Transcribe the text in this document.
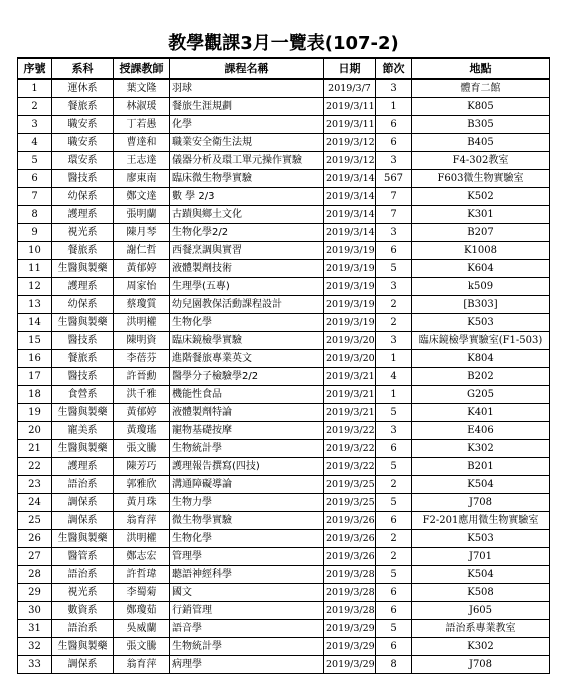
教學觀課3月一覽表(107-2)
序號	系科	授課教師	課程名稱	日期	節次	地點
1	運休系	葉文隆	羽球	2019/3/7	3	體育二館
2	餐旅系	林淑瑗	餐旅生涯規劃	2019/3/11	1	K805
3	職安系	丁若愚	化學	2019/3/11	6	B305
4	職安系	曹達和	職業安全衛生法規	2019/3/12	6	B405
5	環安系	王志達	儀器分析及環工單元操作實驗	2019/3/12	3	F4-302教室
6	醫技系	廖東南	臨床微生物學實驗	2019/3/14	567	F603微生物實驗室
7	幼保系	鄭文達	數 學 2/3	2019/3/14	7	K502
8	護理系	張明蘭	古蹟與鄉土文化	2019/3/14	7	K301
9	視光系	陳月琴	生物化學2/2	2019/3/14	3	B207
10	餐旅系	謝仁哲	西餐烹調與實習	2019/3/19	6	K1008
11	生醫與製藥	黃郁婷	液體製劑技術	2019/3/19	5	K604
12	護理系	周家怡	生理學(五專)	2019/3/19	3	k509
13	幼保系	蔡瓊質	幼兒園教保活動課程設計	2019/3/19	2	[B303]
14	生醫與製藥	洪明權	生物化學	2019/3/19	2	K503
15	醫技系	陳明資	臨床鏡檢學實驗	2019/3/20	3	臨床鏡檢學實驗室(F1-503)
16	餐旅系	李蓓芬	進階餐旅專業英文	2019/3/20	1	K804
17	醫技系	許晉勳	醫學分子檢驗學2/2	2019/3/21	4	B202
18	食營系	洪千雅	機能性食品	2019/3/21	1	G205
19	生醫與製藥	黃郁婷	液體製劑特論	2019/3/21	5	K401
20	寵美系	黃瓊瑤	寵物基礎按摩	2019/3/22	3	E406
21	生醫與製藥	張文騰	生物統計學	2019/3/22	6	K302
22	護理系	陳芳巧	護理報告撰寫(四技)	2019/3/22	5	B201
23	語治系	郭雅欣	溝通障礙導論	2019/3/25	2	K504
24	調保系	黃月珠	生物力學	2019/3/25	5	J708
25	調保系	翁育萍	微生物學實驗	2019/3/26	6	F2-201應用微生物實驗室
26	生醫與製藥	洪明權	生物化學	2019/3/26	2	K503
27	醫管系	鄭志宏	管理學	2019/3/26	2	J701
28	語治系	許哲瑋	聽語神經科學	2019/3/28	5	K504
29	視光系	李蜀菊	國文	2019/3/28	6	K508
30	數資系	鄭瓊茹	行銷管理	2019/3/28	6	J605
31	語治系	吳威蘭	語音學	2019/3/29	5	語治系專業教室
32	生醫與製藥	張文騰	生物統計學	2019/3/29	6	K302
33	調保系	翁育萍	病理學	2019/3/29	8	J708
